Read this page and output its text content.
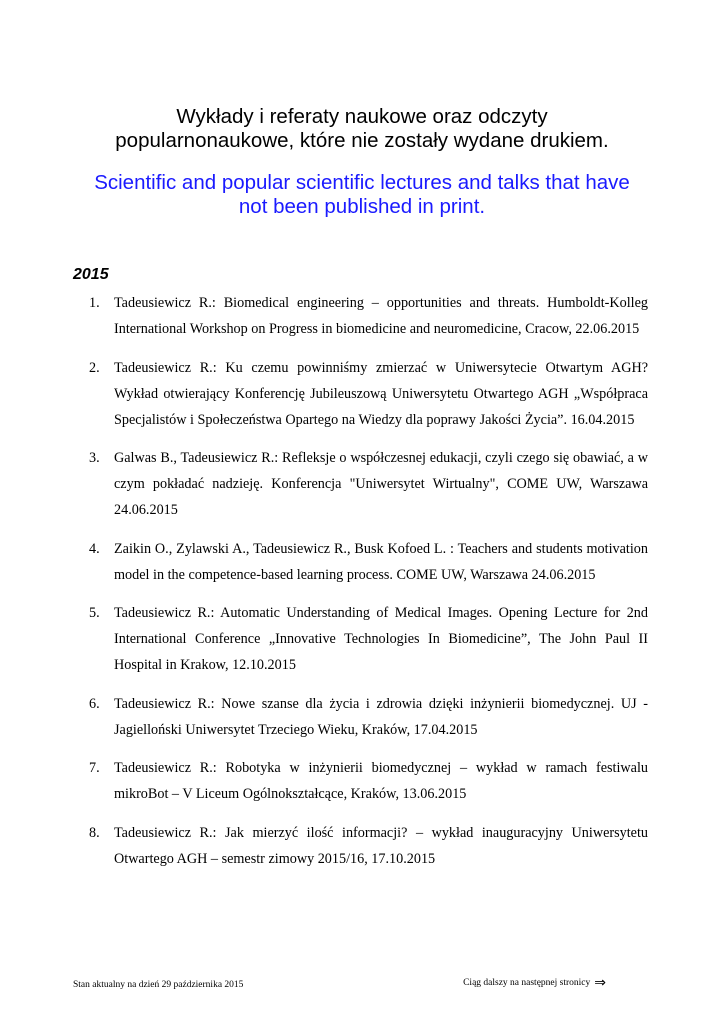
Wykłady i referaty naukowe oraz odczyty
popularnonaukowe, które nie zostały wydane drukiem.
Scientific and popular scientific lectures and talks that have
not been published in print.
2015
1. Tadeusiewicz R.: Biomedical engineering – opportunities and threats. Humboldt-Kolleg International Workshop on Progress in biomedicine and neuromedicine, Cracow, 22.06.2015
2. Tadeusiewicz R.: Ku czemu powinniśmy zmierzać w Uniwersytecie Otwartym AGH? Wykład otwierający Konferencję Jubileuszową Uniwersytetu Otwartego AGH „Współpraca Specjalistów i Społeczeństwa Opartego na Wiedzy dla poprawy Jakości Życia”. 16.04.2015
3. Galwas B., Tadeusiewicz R.: Refleksje o współczesnej edukacji, czyli czego się obawiać, a w czym pokładać nadzieję. Konferencja "Uniwersytet Wirtualny", COME UW, Warszawa 24.06.2015
4. Zaikin O., Zylawski A., Tadeusiewicz R., Busk Kofoed L. : Teachers and students motivation model in the competence-based learning process. COME UW, Warszawa 24.06.2015
5. Tadeusiewicz R.: Automatic Understanding of Medical Images. Opening Lecture for 2nd International Conference „Innovative Technologies In Biomedicine”, The John Paul II Hospital in Krakow, 12.10.2015
6. Tadeusiewicz R.: Nowe szanse dla życia i zdrowia dzięki inżynierii biomedycznej. UJ - Jagielloński Uniwersytet Trzeciego Wieku, Kraków, 17.04.2015
7. Tadeusiewicz R.: Robotyka w inżynierii biomedycznej – wykład w ramach festiwalu mikroBot – V Liceum Ogólnokształcące, Kraków, 13.06.2015
8. Tadeusiewicz R.: Jak mierzyć ilość informacji? – wykład inauguracyjny Uniwersytetu Otwartego AGH – semestr zimowy 2015/16, 17.10.2015
Stan aktualny na dzień 29 października 2015	Ciąg dalszy na następnej stronicy ⇒
